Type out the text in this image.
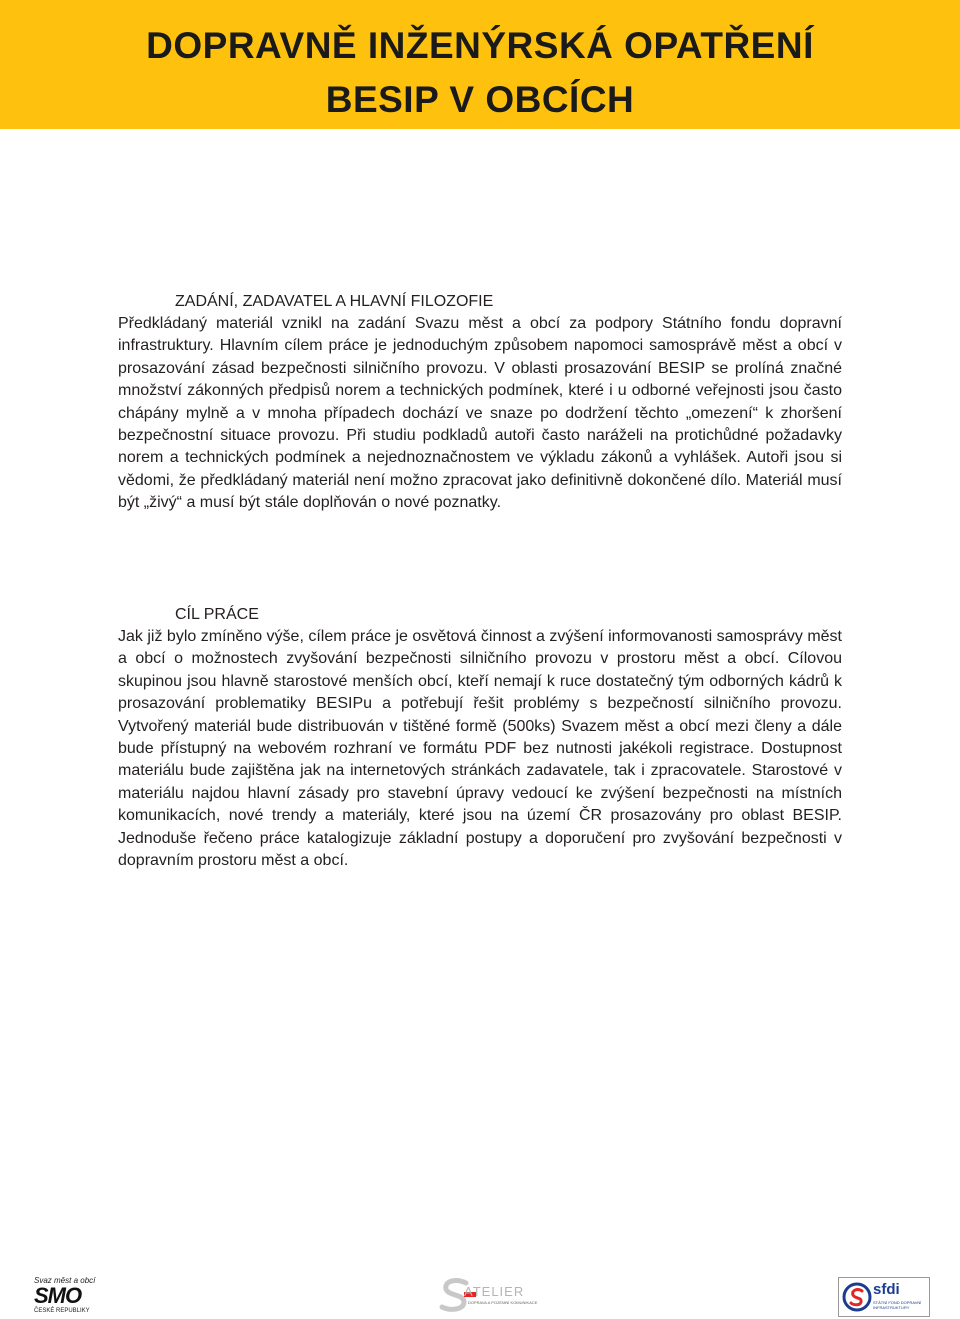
DOPRAVNĚ INŽENÝRSKÁ OPATŘENÍ
BESIP V OBCÍCH
ZADÁNÍ, ZADAVATEL A HLAVNÍ FILOZOFIE
Předkládaný materiál vznikl na zadání Svazu měst a obcí za podpory Státního fondu dopravní infrastruktury. Hlavním cílem práce je jednoduchým způsobem napomoci samosprávě měst a obcí v prosazování zásad bezpečnosti silničního provozu. V oblasti prosazování BESIP se prolíná značné množství zákonných předpisů norem a technických podmínek, které i u odborné veřejnosti jsou často chápány mylně a v mnoha případech dochází ve snaze po dodržení těchto „omezení“ k zhoršení bezpečnostní situace provozu. Při studiu podkladů autoři často naráželi na protichůdné požadavky norem a technických podmínek a nejednoznačnostem ve výkladu zákonů a vyhlášek. Autoři jsou si vědomi, že předkládaný materiál není možno zpracovat jako definitivně dokončené dílo. Materiál musí být „živý“ a musí být stále doplňován o nové poznatky.
CÍL PRÁCE
Jak již bylo zmíněno výše, cílem práce je osvětová činnost a zvýšení informovanosti samosprávy měst a obcí o možnostech zvyšování bezpečnosti silničního provozu v prostoru měst a obcí. Cílovou skupinou jsou hlavně starostové menších obcí, kteří nemají k ruce dostatečný tým odborných kádrů k prosazování problematiky BESIPu a potřebují řešit problémy s bezpečností silničního provozu. Vytvořený materiál bude distribuován v tištěné formě (500ks) Svazem měst a obcí mezi členy a dále bude přístupný na webovém rozhraní ve formátu PDF bez nutnosti jakékoli registrace. Dostupnost materiálu bude zajištěna jak na internetových stránkách zadavatele, tak i zpracovatele. Starostové v materiálu najdou hlavní zásady pro stavební úpravy vedoucí ke zvýšení bezpečnosti na místních komunikacích, nové trendy a materiály, které jsou na území ČR prosazovány pro oblast BESIP. Jednoduše řečeno práce katalogizuje základní postupy a doporučení pro zvyšování bezpečnosti v dopravním prostoru měst a obcí.
Svaz měst a obcí
SMO
ČESKÉ REPUBLIKY
ATELIER
DOPRAVA A POZEMNÍ KOMUNIKACE
sfdi
STÁTNÍ FOND DOPRAVNÍ INFRASTRUKTURY
